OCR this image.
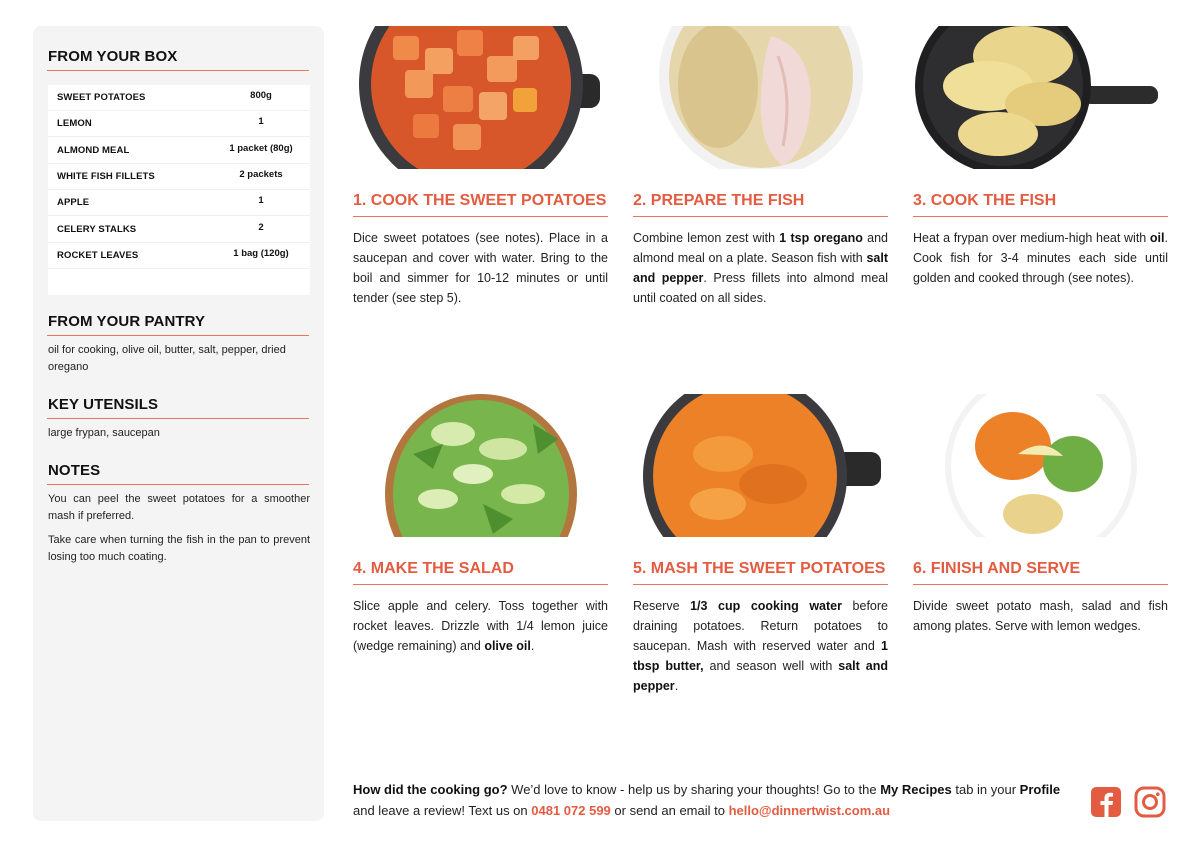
FROM YOUR BOX
SWEET POTATOES	800g
LEMON	1
ALMOND MEAL	1 packet (80g)
WHITE FISH FILLETS	2 packets
APPLE	1
CELERY STALKS	2
ROCKET LEAVES	1 bag (120g)
FROM YOUR PANTRY
oil for cooking, olive oil, butter, salt, pepper, dried oregano
KEY UTENSILS
large frypan, saucepan
NOTES
You can peel the sweet potatoes for a smoother mash if preferred.
Take care when turning the fish in the pan to prevent losing too much coating.
1. COOK THE SWEET POTATOES
Dice sweet potatoes (see notes). Place in a saucepan and cover with water. Bring to the boil and simmer for 10-12 minutes or until tender (see step 5).
2. PREPARE THE FISH
Combine lemon zest with 1 tsp oregano and almond meal on a plate. Season fish with salt and pepper. Press fillets into almond meal until coated on all sides.
3. COOK THE FISH
Heat a frypan over medium-high heat with oil. Cook fish for 3-4 minutes each side until golden and cooked through (see notes).
4. MAKE THE SALAD
Slice apple and celery. Toss together with rocket leaves. Drizzle with 1/4 lemon juice (wedge remaining) and olive oil.
5. MASH THE SWEET POTATOES
Reserve 1/3 cup cooking water before draining potatoes. Return potatoes to saucepan. Mash with reserved water and 1 tbsp butter, and season well with salt and pepper.
6. FINISH AND SERVE
Divide sweet potato mash, salad and fish among plates. Serve with lemon wedges.
How did the cooking go? We’d love to know - help us by sharing your thoughts! Go to the My Recipes tab in your Profile and leave a review! Text us on 0481 072 599 or send an email to hello@dinnertwist.com.au
